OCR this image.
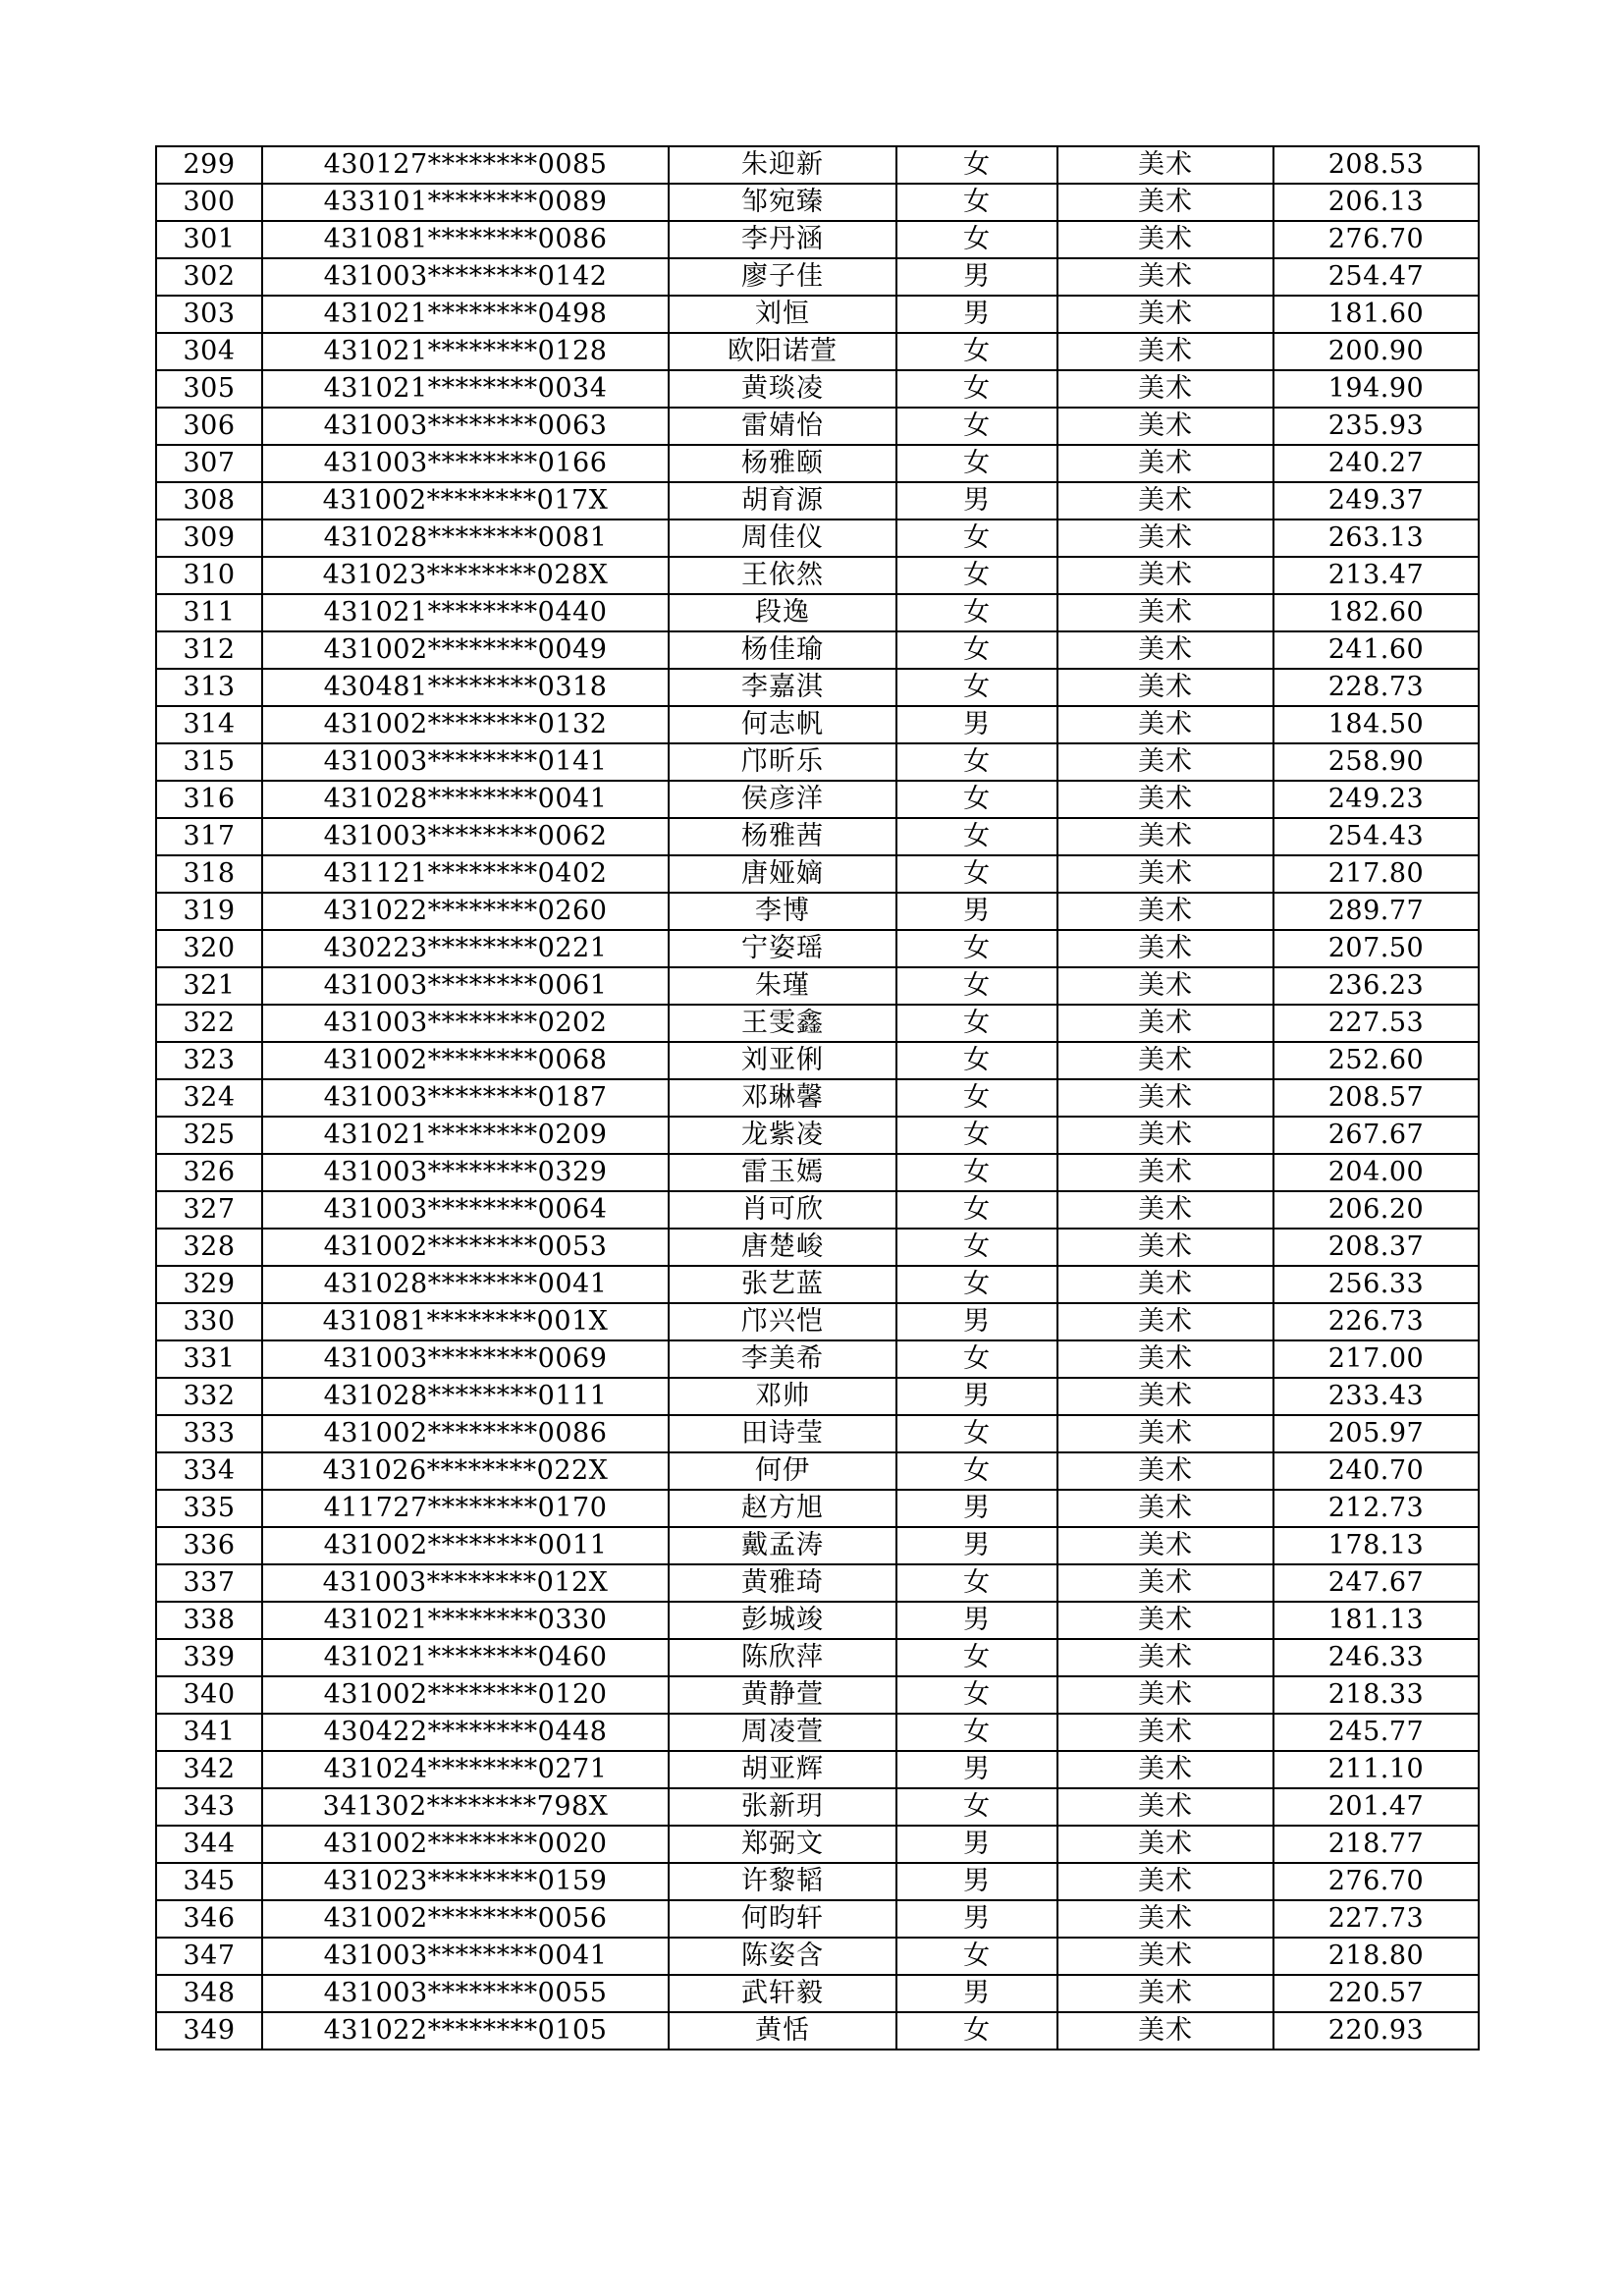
299	430127********0085	朱迎新	女	美术	208.53
300	433101********0089	邹宛臻	女	美术	206.13
301	431081********0086	李丹涵	女	美术	276.70
302	431003********0142	廖子佳	男	美术	254.47
303	431021********0498	刘恒	男	美术	181.60
304	431021********0128	欧阳诺萱	女	美术	200.90
305	431021********0034	黄琰凌	女	美术	194.90
306	431003********0063	雷婧怡	女	美术	235.93
307	431003********0166	杨雅颐	女	美术	240.27
308	431002********017X	胡育源	男	美术	249.37
309	431028********0081	周佳仪	女	美术	263.13
310	431023********028X	王依然	女	美术	213.47
311	431021********0440	段逸	女	美术	182.60
312	431002********0049	杨佳瑜	女	美术	241.60
313	430481********0318	李嘉淇	女	美术	228.73
314	431002********0132	何志帆	男	美术	184.50
315	431003********0141	邝昕乐	女	美术	258.90
316	431028********0041	侯彦洋	女	美术	249.23
317	431003********0062	杨雅茜	女	美术	254.43
318	431121********0402	唐娅嫡	女	美术	217.80
319	431022********0260	李博	男	美术	289.77
320	430223********0221	宁姿瑶	女	美术	207.50
321	431003********0061	朱瑾	女	美术	236.23
322	431003********0202	王雯鑫	女	美术	227.53
323	431002********0068	刘亚俐	女	美术	252.60
324	431003********0187	邓琳馨	女	美术	208.57
325	431021********0209	龙紫凌	女	美术	267.67
326	431003********0329	雷玉嫣	女	美术	204.00
327	431003********0064	肖可欣	女	美术	206.20
328	431002********0053	唐楚峻	女	美术	208.37
329	431028********0041	张艺蓝	女	美术	256.33
330	431081********001X	邝兴恺	男	美术	226.73
331	431003********0069	李美希	女	美术	217.00
332	431028********0111	邓帅	男	美术	233.43
333	431002********0086	田诗莹	女	美术	205.97
334	431026********022X	何伊	女	美术	240.70
335	411727********0170	赵方旭	男	美术	212.73
336	431002********0011	戴孟涛	男	美术	178.13
337	431003********012X	黄雅琦	女	美术	247.67
338	431021********0330	彭城竣	男	美术	181.13
339	431021********0460	陈欣萍	女	美术	246.33
340	431002********0120	黄静萱	女	美术	218.33
341	430422********0448	周凌萱	女	美术	245.77
342	431024********0271	胡亚辉	男	美术	211.10
343	341302********798X	张新玥	女	美术	201.47
344	431002********0020	郑弼文	男	美术	218.77
345	431023********0159	许黎韬	男	美术	276.70
346	431002********0056	何昀轩	男	美术	227.73
347	431003********0041	陈姿含	女	美术	218.80
348	431003********0055	武轩毅	男	美术	220.57
349	431022********0105	黄恬	女	美术	220.93
